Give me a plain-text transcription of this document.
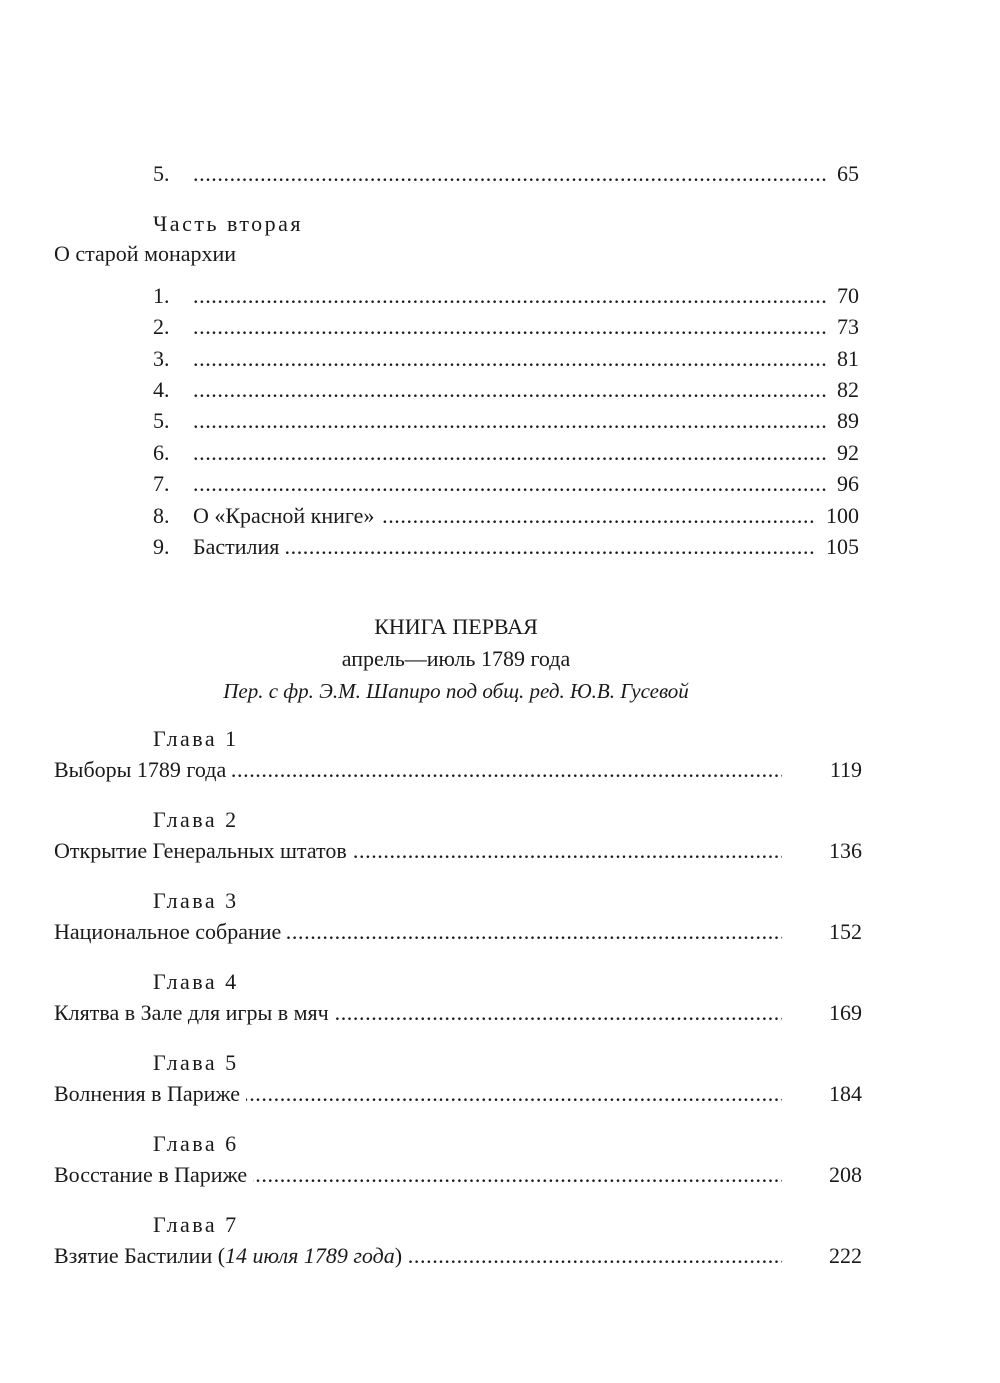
5. .....	65
Часть вторая
О старой монархии
1. .....	70
2. .....	73
3. .....	81
4. .....	82
5. .....	89
6. .....	92
7. .....	96
8. ..... О «Красной книге»	100
9. ..... Бастилия	105
КНИГА ПЕРВАЯ
апрель—июль 1789 года
Пер. с фр. Э.М. Шапиро под общ. ред. Ю.В. Гусевой
Глава 1
.....
Выборы 1789 года	119
Глава 2
.....
Открытие Генеральных штатов	136
Глава 3
.....
Национальное собрание	152
Глава 4
.....
Клятва в Зале для игры в мяч	169
Глава 5
.....
Волнения в Париже	184
Глава 6
.....
Восстание в Париже	208
Глава 7
.....
Взятие Бастилии (14 июля 1789 года)	222
